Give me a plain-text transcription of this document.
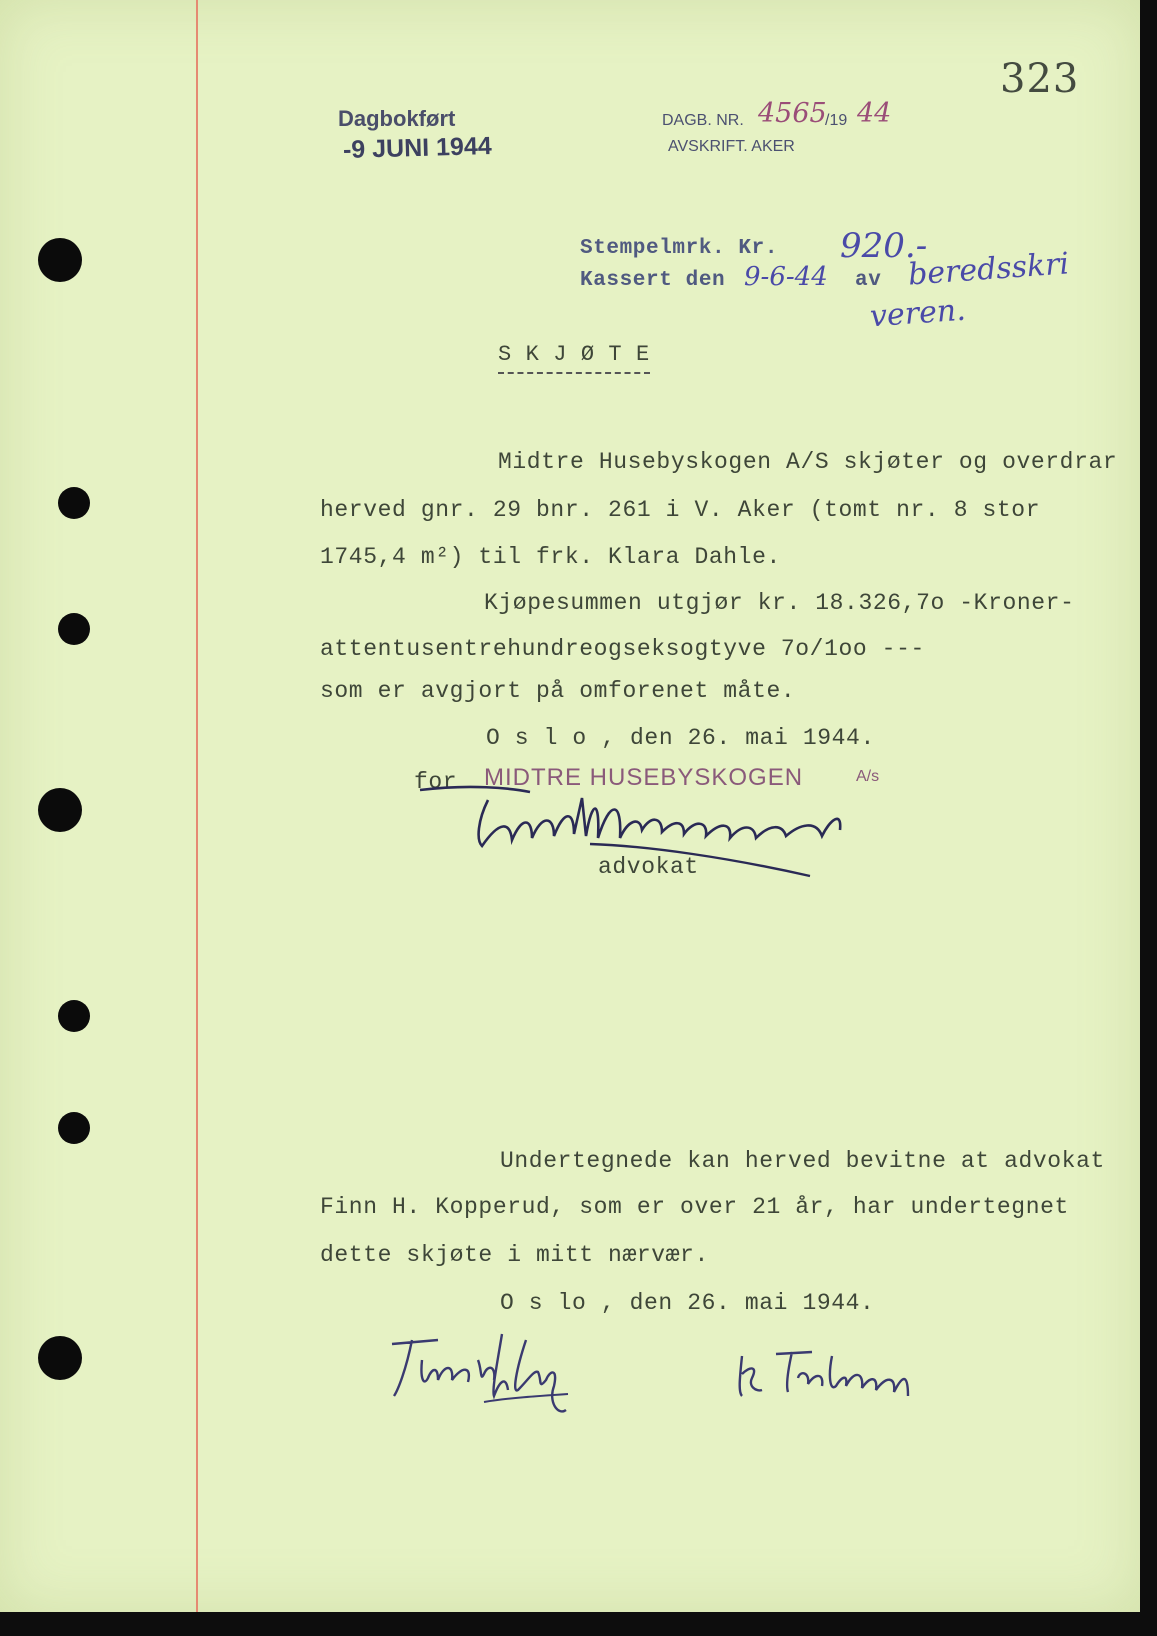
323
Dagbokført
-9 JUNI 1944
DAGB. NR. 4565
/19 44
AVSKRIFT. AKER
Stempelmrk. Kr. 920.-
Kassert den 9-6-44 av beredsskri
veren.
S K J Ø T E
Midtre Husebyskogen A/S skjøter og overdrar
herved gnr. 29 bnr. 261 i V. Aker (tomt nr. 8 stor
1745,4 m²) til frk. Klara Dahle.
Kjøpesummen utgjør kr. 18.326,7o -Kroner-
attentusentrehundreogseksogtyve 7o/1oo ---
som er avgjort på omforenet måte.
O s l o , den 26. mai 1944.
for MIDTRE HUSEBYSKOGEN	A/s
advokat
Undertegnede kan herved bevitne at advokat
Finn H. Kopperud, som er over 21 år, har undertegnet
dette skjøte i mitt nærvær.
O s lo , den 26. mai 1944.
